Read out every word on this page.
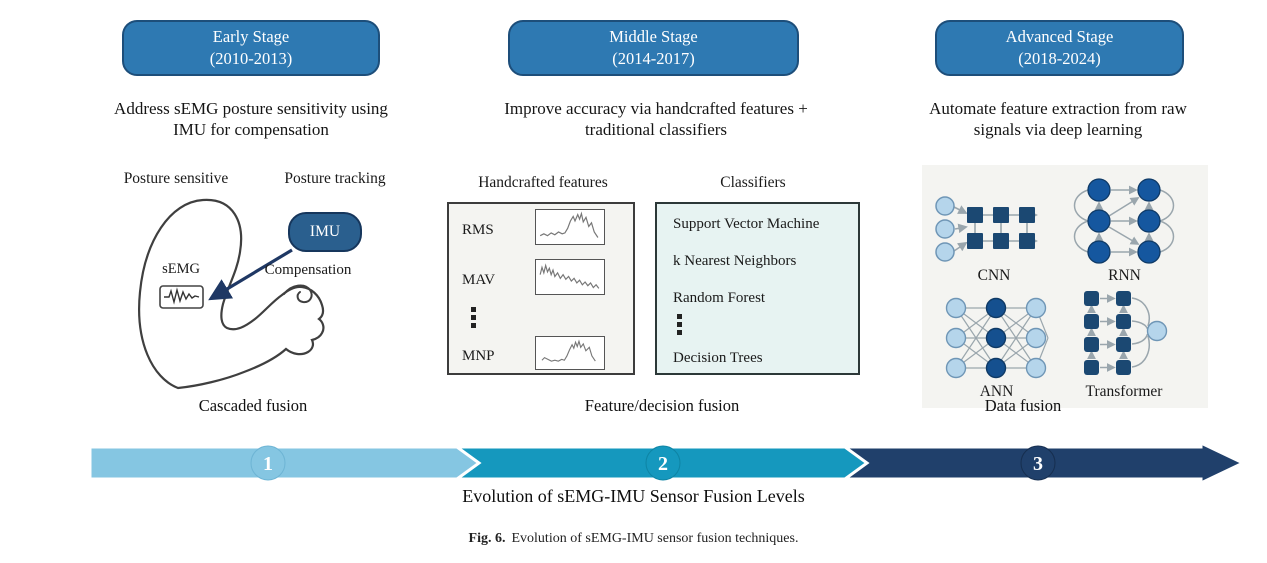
Early Stage
(2010-2013)
Middle Stage
(2014-2017)
Advanced Stage
(2018-2024)
Address sEMG posture sensitivity using
IMU for compensation
Improve accuracy via handcrafted features +
traditional classifiers
Automate feature extraction from raw
signals via deep learning
Posture sensitive	Posture tracking
sEMG
IMU
Compensation
Handcrafted features	Classifiers
RMS
MAV
MNP
Support Vector Machine
k Nearest Neighbors
Random Forest
Decision Trees
CNN	RNN
ANN	Transformer
Cascaded fusion	Feature/decision fusion	Data fusion
1	2	3
Evolution of sEMG-IMU Sensor Fusion Levels
Fig. 6. Evolution of sEMG-IMU sensor fusion techniques.
